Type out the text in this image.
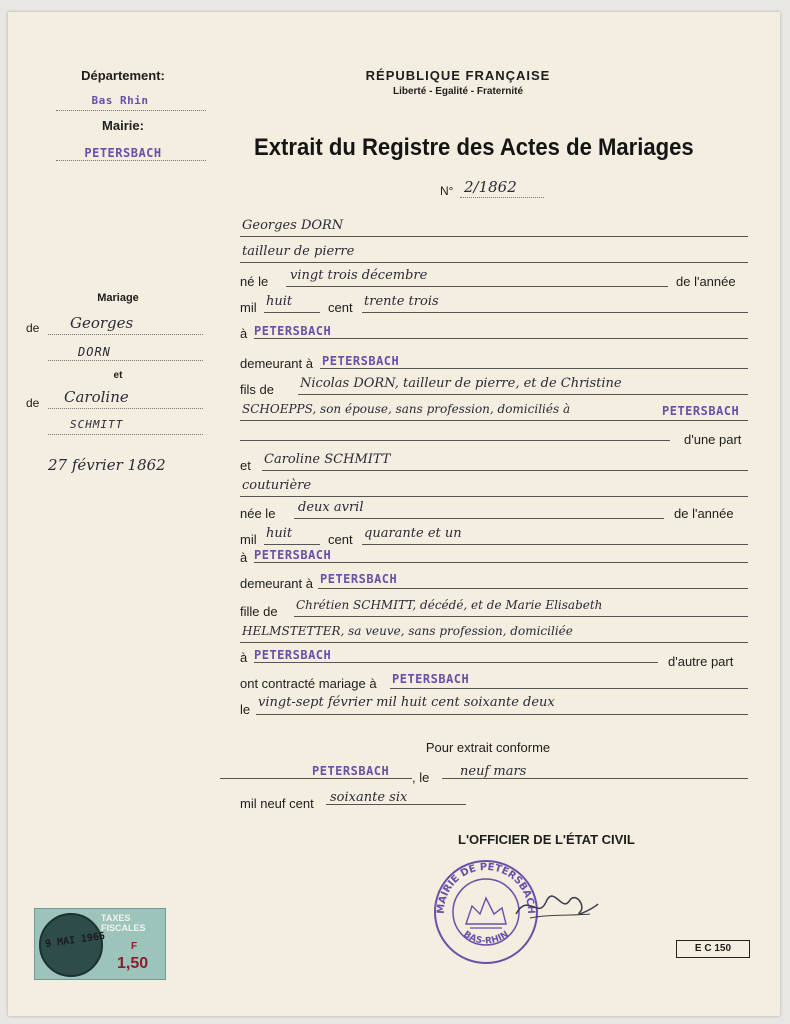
Département:
Bas Rhin
Mairie:
PETERSBACH
Mariage
de Georges
DORN
et
de Caroline
SCHMITT
27 février 1862
RÉPUBLIQUE FRANÇAISE
Liberté - Egalité - Fraternité
Extrait du Registre des Actes de Mariages
N° 2/1862
Georges DORN
tailleur de pierre
né le vingt trois décembre	de l'année
mil huit	cent trente trois
à PETERSBACH
demeurant à PETERSBACH
fils de Nicolas DORN, tailleur de pierre, et de Christine
SCHOEPPS, son épouse, sans profession, domiciliés à	PETERSBACH
d'une part
et Caroline SCHMITT
couturière
née le deux avril	de l'année
mil huit	cent quarante et un
à PETERSBACH
demeurant à PETERSBACH
fille de Chrétien SCHMITT, décédé, et de Marie Elisabeth
HELMSTETTER, sa veuve, sans profession, domiciliée
à PETERSBACH	d'autre part
ont contracté mariage à PETERSBACH
le vingt-sept février mil huit cent soixante deux
Pour extrait conforme
PETERSBACH , le neuf mars
mil neuf cent soixante six
L'OFFICIER DE L'ÉTAT CIVIL
MAIRIE DE PETERSBACH
BAS-RHIN
TAXES FISCALES
9 MAI 1966	F
1,50
E C 150
